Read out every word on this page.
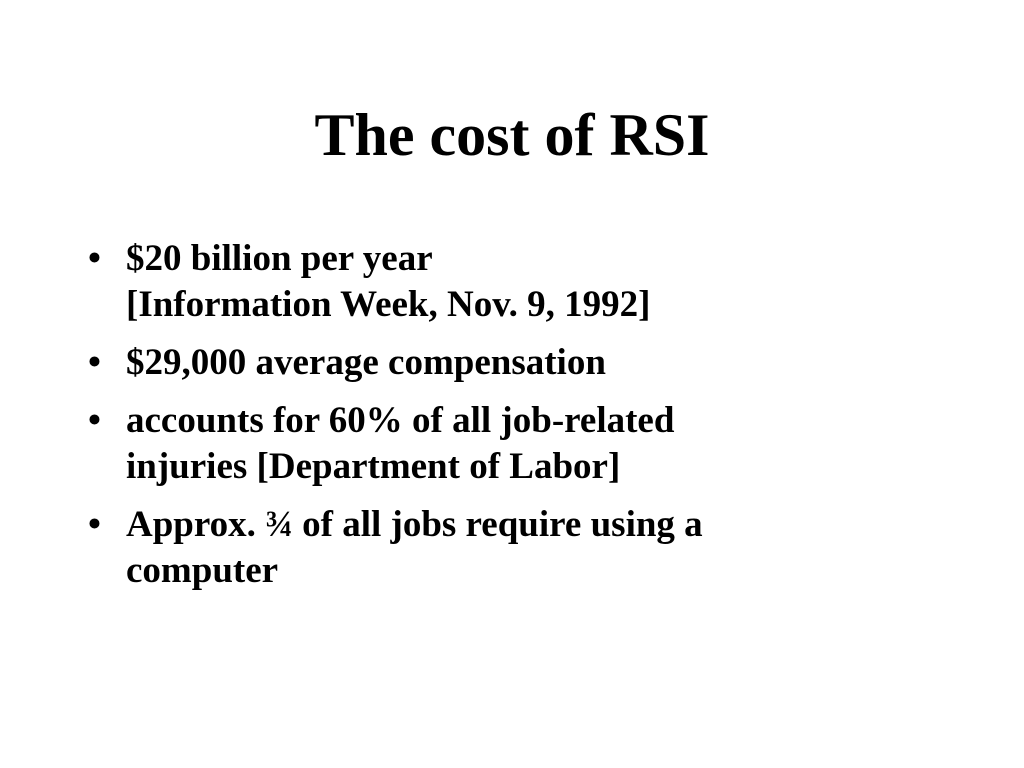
The cost of RSI
• $20 billion per year
[Information Week, Nov. 9, 1992]
• $29,000 average compensation
• accounts for 60% of all job-related
injuries [Department of Labor]
• Approx. ¾ of all jobs require using a
computer
